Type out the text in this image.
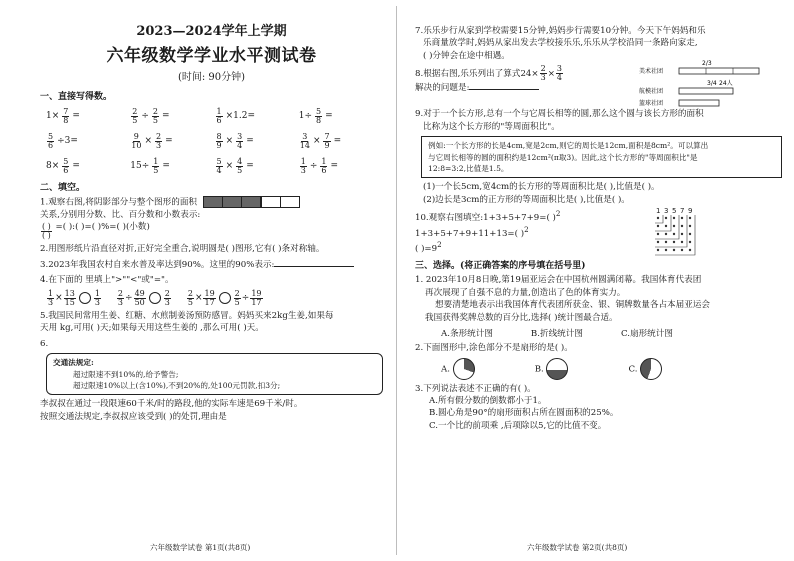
2023—2024学年上学期
六年级数学学业水平测试卷
(时间: 90分钟)
一、直接写得数。
$1\times \frac{7}{8}$ =	$\frac{2}{5} \div \frac{2}{5}$ =	$\frac{1}{6} \times 1.2=$	$1\div \frac{5}{8}$ =
$\frac{5}{6} \div 3=$	$\frac{9}{10} \times \frac{2}{3}$ =	$\frac{8}{9} \times \frac{3}{4}$ =	$\frac{3}{14} \times \frac{7}{9}$ =
$8\times \frac{5}{6}$ =	$15\div \frac{1}{5}$ =	$\frac{5}{4} \times \frac{4}{5}$ =	$\frac{1}{3} \div \frac{1}{6}$ =
二、填空。
1.观察右图,将阴影部分与整个图形的面积

关系,分别用分数、比、百分数和小数表示:

$\frac{( )}{( )}$ =( ):( )=( )%=( )(小数)
2.用图形纸片沿直径对折,正好完全重合,说明圆是( )图形,它有( )条对称轴。
3.2023年我国农村自来水普及率达到90%。这里的90%表示:
4.在下面的 里填上">""<"或"="。
$\frac{1}{3} \times \frac{13}{15} \frac{1}{3} \frac{2}{3} \div \frac{49}{50} \frac{2}{3} \frac{2}{5} \times \frac{19}{17} \frac{2}{5} \div \frac{19}{17}$
5.我国民间常用生姜、红糖、水煎制姜汤预防感冒。妈妈买来2kg生姜,如果每
天用 kg,可用( )天;如果每天用这些生姜的 ,那么可用( )天。
6.
交通法规定:
超过限速不到10%的,给予警告;
超过限速10%以上(含10%),不到20%的,处100元罚款,扣3分;
李叔叔在通过一段限速60千米/时的路段,他的实际车速是69千米/时。
按照交通法规定,李叔叔应该受到( )的处罚,理由是
六年级数学试卷 第1页(共8页)
7.乐乐步行从家到学校需要15分钟,妈妈步行需要10分钟。今天下午妈妈和乐
乐商量放学时,妈妈从家出发去学校接乐乐,乐乐从学校沿同一条路向家走,
( )分钟会在途中相遇。
8.根据右图,乐乐列出了算式$24\times \frac{2}{3} \times \frac{3}{4}$
解决的问题是:
美术社团
航模社团
篮球社团
2/3
3/4 24人
9.对于一个长方形,总有一个与它周长相等的圆,那么这个圆与该长方形的面积
比称为这个长方形的"等周面积比"。
例如:一个长方形的长是4cm,宽是2cm,则它的周长是12cm,面积是8cm²。可以算出
与它周长相等的圆的面积约是12cm²(π取3)。因此,这个长方形的"等周面积比"是
12:8=3:2,比值是1.5。
(1)一个长5cm,宽4cm的长方形的等周面积比是( ),比值是( )。
(2)边长是3cm的正方形的等周面积比是( ),比值是( )。
10.观察右图填空:1+3+5+7+9=( )$^2$
1+3+5+7+9+11+13=( )$^2$
( )$=9^2$
1 3 5 7 9
三、选择。(将正确答案的序号填在括号里)
1. 2023年10月8日晚,第19届亚运会在中国杭州圆满闭幕。我国体育代表团
再次展现了自强不息的力量,创造出了色的体育实力。
想要清楚地表示出我国体育代表团所获金、银、铜牌数量各占本届亚运会
我国获得奖牌总数的百分比,选择( )统计图最合适。
A.条形统计图	B.折线统计图	C.扇形统计图
2.下面图形中,涂色部分不是扇形的是( )。
A.	B.	C.
3.下列说法表述不正确的有( )。
A.所有假分数的倒数都小于1。
B.圆心角是90°的扇形面积占所在圆面积的25%。
C.一个比的前项乘 ,后项除以5,它的比值不变。
六年级数学试卷 第2页(共8页)
